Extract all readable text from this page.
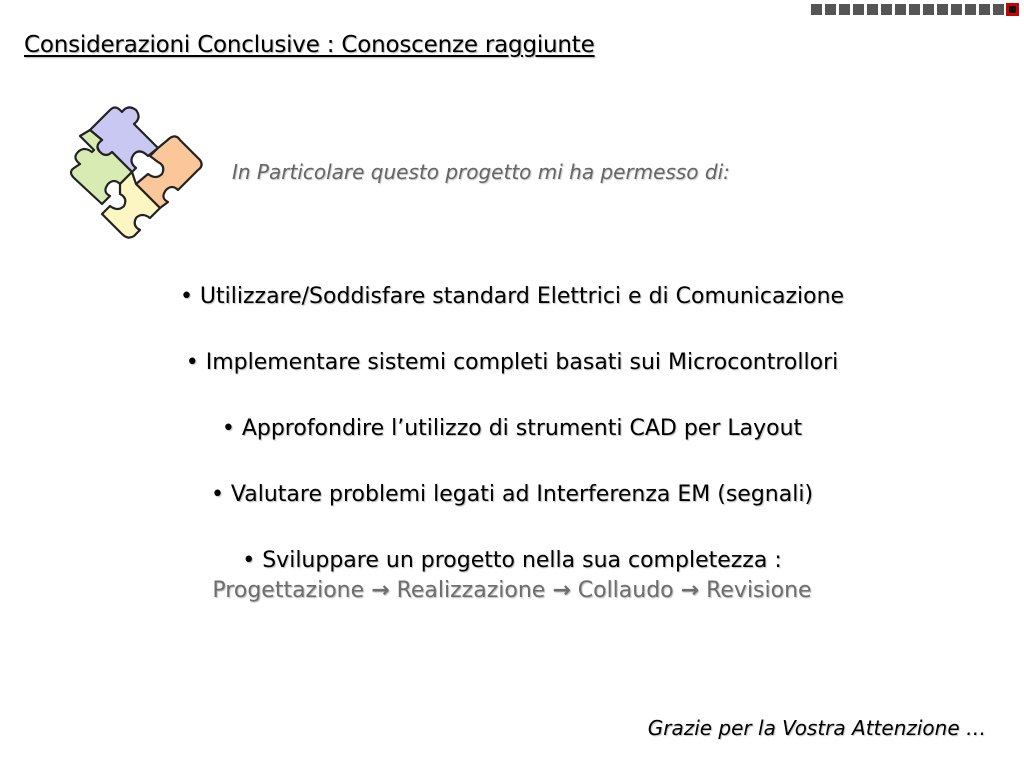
Considerazioni Conclusive : Conoscenze raggiunte
In Particolare questo progetto mi ha permesso di:
• Utilizzare/Soddisfare standard Elettrici e di Comunicazione
• Implementare sistemi completi basati sui Microcontrollori
• Approfondire l’utilizzo di strumenti CAD per Layout
• Valutare problemi legati ad Interferenza EM (segnali)
• Sviluppare un progetto nella sua completezza :
Progettazione → Realizzazione → Collaudo → Revisione
Grazie per la Vostra Attenzione …
